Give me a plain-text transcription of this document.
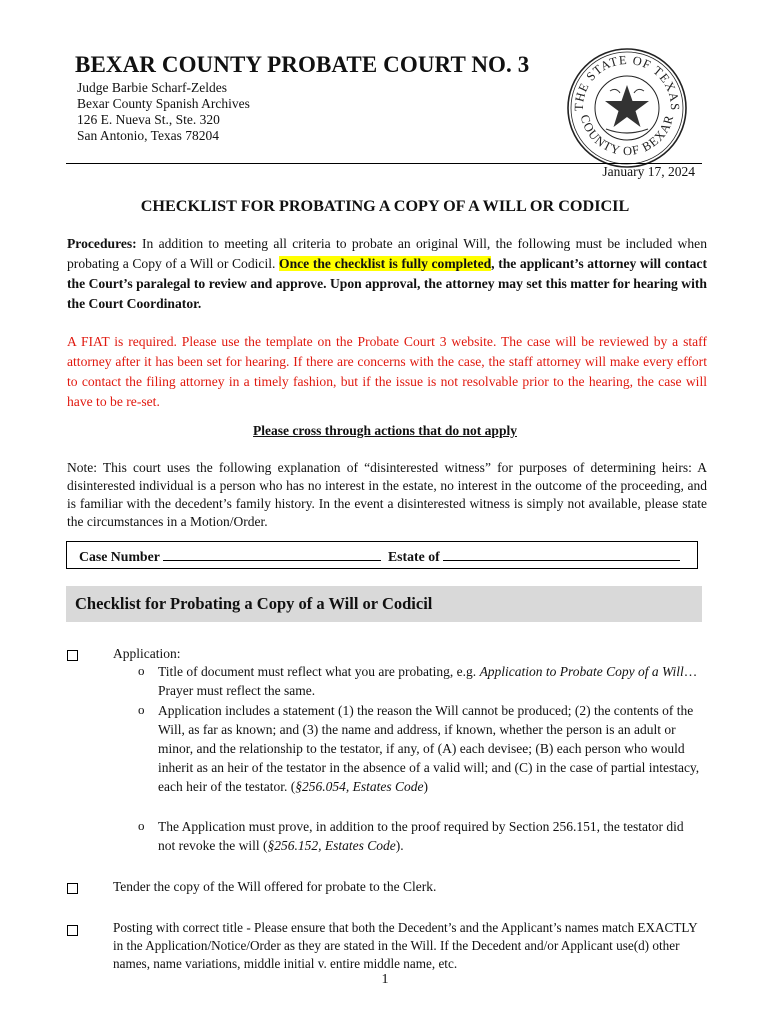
BEXAR COUNTY PROBATE COURT NO. 3
Judge Barbie Scharf-Zeldes
Bexar County Spanish Archives
126 E. Nueva St., Ste. 320
San Antonio, Texas 78204
THE STATE OF TEXAS
COUNTY OF BEXAR
January 17, 2024
CHECKLIST FOR PROBATING A COPY OF A WILL OR CODICIL
Procedures: In addition to meeting all criteria to probate an original Will, the following must be included when probating a Copy of a Will or Codicil. Once the checklist is fully completed, the applicant’s attorney will contact the Court’s paralegal to review and approve. Upon approval, the attorney may set this matter for hearing with the Court Coordinator.
A FIAT is required. Please use the template on the Probate Court 3 website. The case will be reviewed by a staff attorney after it has been set for hearing. If there are concerns with the case, the staff attorney will make every effort to contact the filing attorney in a timely fashion, but if the issue is not resolvable prior to the hearing, the case will have to be re-set.
Please cross through actions that do not apply
Note: This court uses the following explanation of “disinterested witness” for purposes of determining heirs: A disinterested individual is a person who has no interest in the estate, no interest in the outcome of the proceeding, and is familiar with the decedent’s family history. In the event a disinterested witness is simply not available, please state the circumstances in a Motion/Order.
Case Number	Estate of
Checklist for Probating a Copy of a Will or Codicil
Application:
o Title of document must reflect what you are probating, e.g. Application to Probate Copy of a Will…Prayer must reflect the same.
o Application includes a statement (1) the reason the Will cannot be produced; (2) the contents of the Will, as far as known; and (3) the name and address, if known, whether the person is an adult or minor, and the relationship to the testator, if any, of (A) each devisee; (B) each person who would inherit as an heir of the testator in the absence of a valid will; and (C) in the case of partial intestacy, each heir of the testator. (§256.054, Estates Code)
o The Application must prove, in addition to the proof required by Section 256.151, the testator did not revoke the will (§256.152, Estates Code).
Tender the copy of the Will offered for probate to the Clerk.
Posting with correct title - Please ensure that both the Decedent’s and the Applicant’s names match EXACTLY in the Application/Notice/Order as they are stated in the Will. If the Decedent and/or Applicant use(d) other names, name variations, middle initial v. entire middle name, etc.
1
